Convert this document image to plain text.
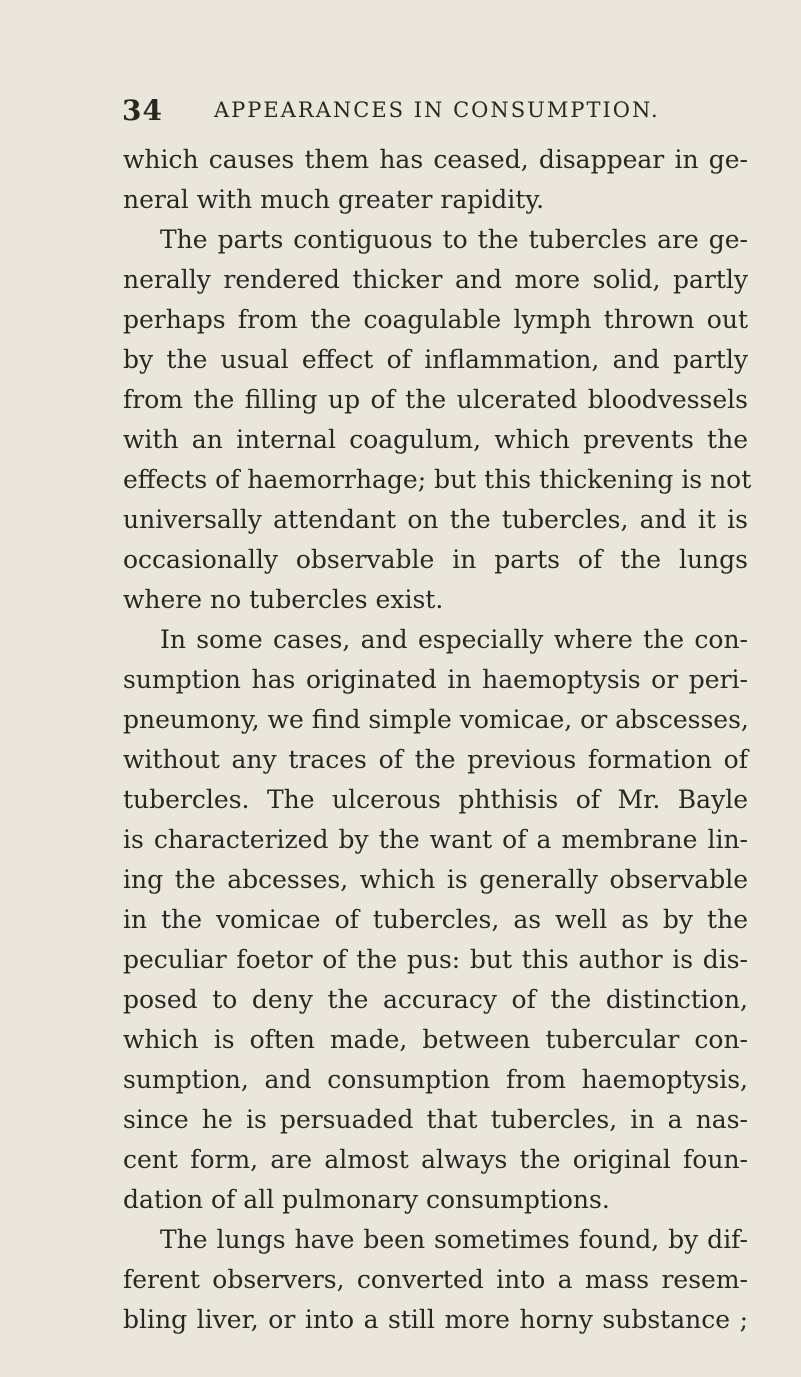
34 APPEARANCES IN CONSUMPTION.
which causes them has ceased, disappear in ge-
neral with much greater rapidity.
The parts contiguous to the tubercles are ge-
nerally rendered thicker and more solid, partly
perhaps from the coagulable lymph thrown out
by the usual effect of inflammation, and partly
from the filling up of the ulcerated bloodvessels
with an internal coagulum, which prevents the
effects of haemorrhage; but this thickening is not
universally attendant on the tubercles, and it is
occasionally observable in parts of the lungs
where no tubercles exist.
In some cases, and especially where the con-
sumption has originated in haemoptysis or peri-
pneumony, we find simple vomicae, or abscesses,
without any traces of the previous formation of
tubercles. The ulcerous phthisis of Mr. Bayle
is characterized by the want of a membrane lin-
ing the abcesses, which is generally observable
in the vomicae of tubercles, as well as by the
peculiar foetor of the pus: but this author is dis-
posed to deny the accuracy of the distinction,
which is often made, between tubercular con-
sumption, and consumption from haemoptysis,
since he is persuaded that tubercles, in a nas-
cent form, are almost always the original foun-
dation of all pulmonary consumptions.
The lungs have been sometimes found, by dif-
ferent observers, converted into a mass resem-
bling liver, or into a still more horny substance ;
